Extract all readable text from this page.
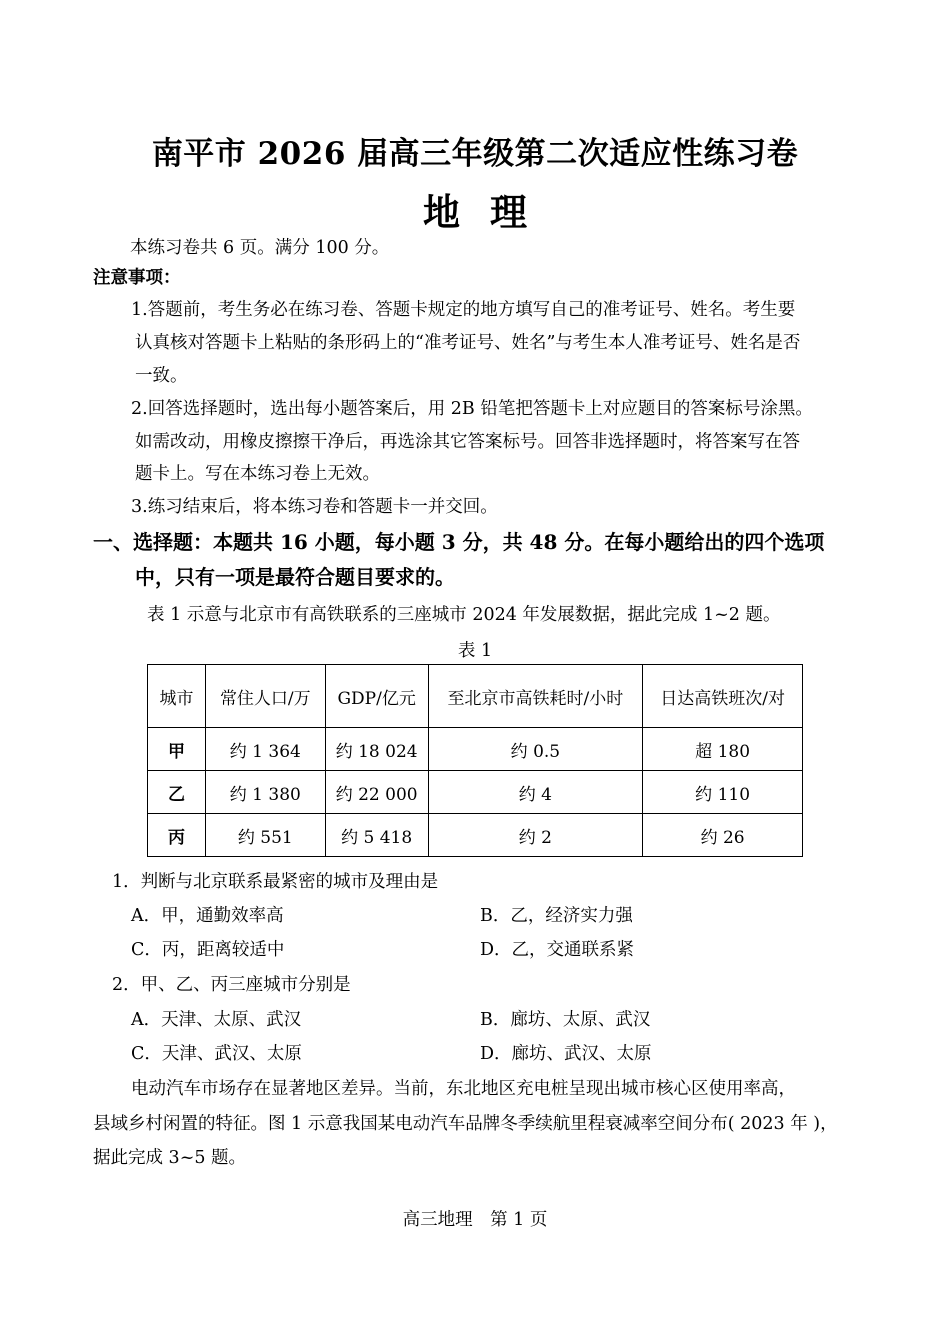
南平市 2026 届高三年级第二次适应性练习卷
地理
本练习卷共 6 页。满分 100 分。
注意事项：
1.答题前，考生务必在练习卷、答题卡规定的地方填写自己的准考证号、姓名。考生要
认真核对答题卡上粘贴的条形码上的“准考证号、姓名”与考生本人准考证号、姓名是否
一致。
2.回答选择题时，选出每小题答案后，用 2B 铅笔把答题卡上对应题目的答案标号涂黑。
如需改动，用橡皮擦擦干净后，再选涂其它答案标号。回答非选择题时，将答案写在答
题卡上。写在本练习卷上无效。
3.练习结束后，将本练习卷和答题卡一并交回。
一、选择题：本题共 16 小题，每小题 3 分，共 48 分。在每小题给出的四个选项
中，只有一项是最符合题目要求的。
表 1 示意与北京市有高铁联系的三座城市 2024 年发展数据，据此完成 1~2 题。
表 1
城市	常住人口/万	GDP/亿元	至北京市高铁耗时/小时	日达高铁班次/对
甲	约 1 364	约 18 024	约 0.5	超 180
乙	约 1 380	约 22 000	约 4	约 110
丙	约 551	约 5 418	约 2	约 26
1．判断与北京联系最紧密的城市及理由是
A．甲，通勤效率高	B．乙，经济实力强
C．丙，距离较适中	D．乙，交通联系紧
2．甲、乙、丙三座城市分别是
A．天津、太原、武汉	B．廊坊、太原、武汉
C．天津、武汉、太原	D．廊坊、武汉、太原
电动汽车市场存在显著地区差异。当前，东北地区充电桩呈现出城市核心区使用率高，
县域乡村闲置的特征。图 1 示意我国某电动汽车品牌冬季续航里程衰减率空间分布( 2023 年 )，
据此完成 3~5 题。
高三地理　第 1 页
